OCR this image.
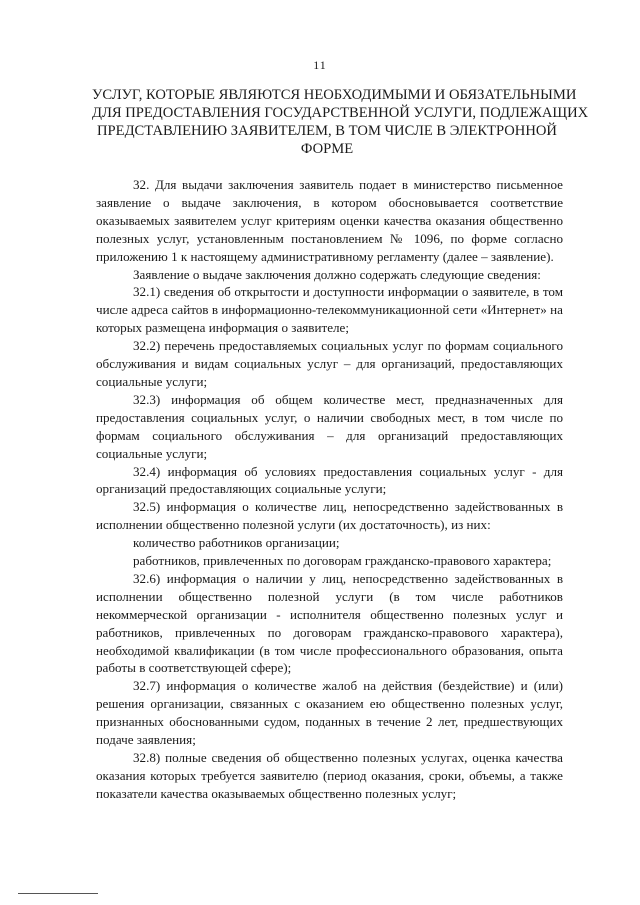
11
УСЛУГ, КОТОРЫЕ ЯВЛЯЮТСЯ НЕОБХОДИМЫМИ И ОБЯЗАТЕЛЬНЫМИ
ДЛЯ ПРЕДОСТАВЛЕНИЯ ГОСУДАРСТВЕННОЙ УСЛУГИ, ПОДЛЕЖАЩИХ
ПРЕДСТАВЛЕНИЮ ЗАЯВИТЕЛЕМ, В ТОМ ЧИСЛЕ В ЭЛЕКТРОННОЙ
ФОРМЕ

32. Для выдачи заключения заявитель подает в министерство письменное заявление о выдаче заключения, в котором обосновывается соответствие оказываемых заявителем услуг критериям оценки качества оказания общественно полезных услуг, установленным постановлением № 1096, по форме согласно приложению 1 к настоящему административному регламенту (далее – заявление).

Заявление о выдаче заключения должно содержать следующие сведения:

32.1) сведения об открытости и доступности информации о заявителе, в том числе адреса сайтов в информационно-телекоммуникационной сети «Интернет» на которых размещена информация о заявителе;

32.2) перечень предоставляемых социальных услуг по формам социального обслуживания и видам социальных услуг – для организаций, предоставляющих социальные услуги;

32.3) информация об общем количестве мест, предназначенных для предоставления социальных услуг, о наличии свободных мест, в том числе по формам социального обслуживания – для организаций предоставляющих социальные услуги;

32.4) информация об условиях предоставления социальных услуг - для организаций предоставляющих социальные услуги;

32.5) информация о количестве лиц, непосредственно задействованных в исполнении общественно полезной услуги (их достаточность), из них:

количество работников организации;

работников, привлеченных по договорам гражданско-правового характера;

32.6) информация о наличии у лиц, непосредственно задействованных в исполнении общественно полезной услуги (в том числе работников некоммерческой организации - исполнителя общественно полезных услуг и работников, привлеченных по договорам гражданско-правового характера), необходимой квалификации (в том числе профессионального образования, опыта работы в соответствующей сфере);

32.7) информация о количестве жалоб на действия (бездействие) и (или) решения организации, связанных с оказанием ею общественно полезных услуг, признанных обоснованными судом, поданных в течение 2 лет, предшествующих подаче заявления;

32.8) полные сведения об общественно полезных услугах, оценка качества оказания которых требуется заявителю (период оказания, сроки, объемы, а также показатели качества оказываемых общественно полезных услуг;
